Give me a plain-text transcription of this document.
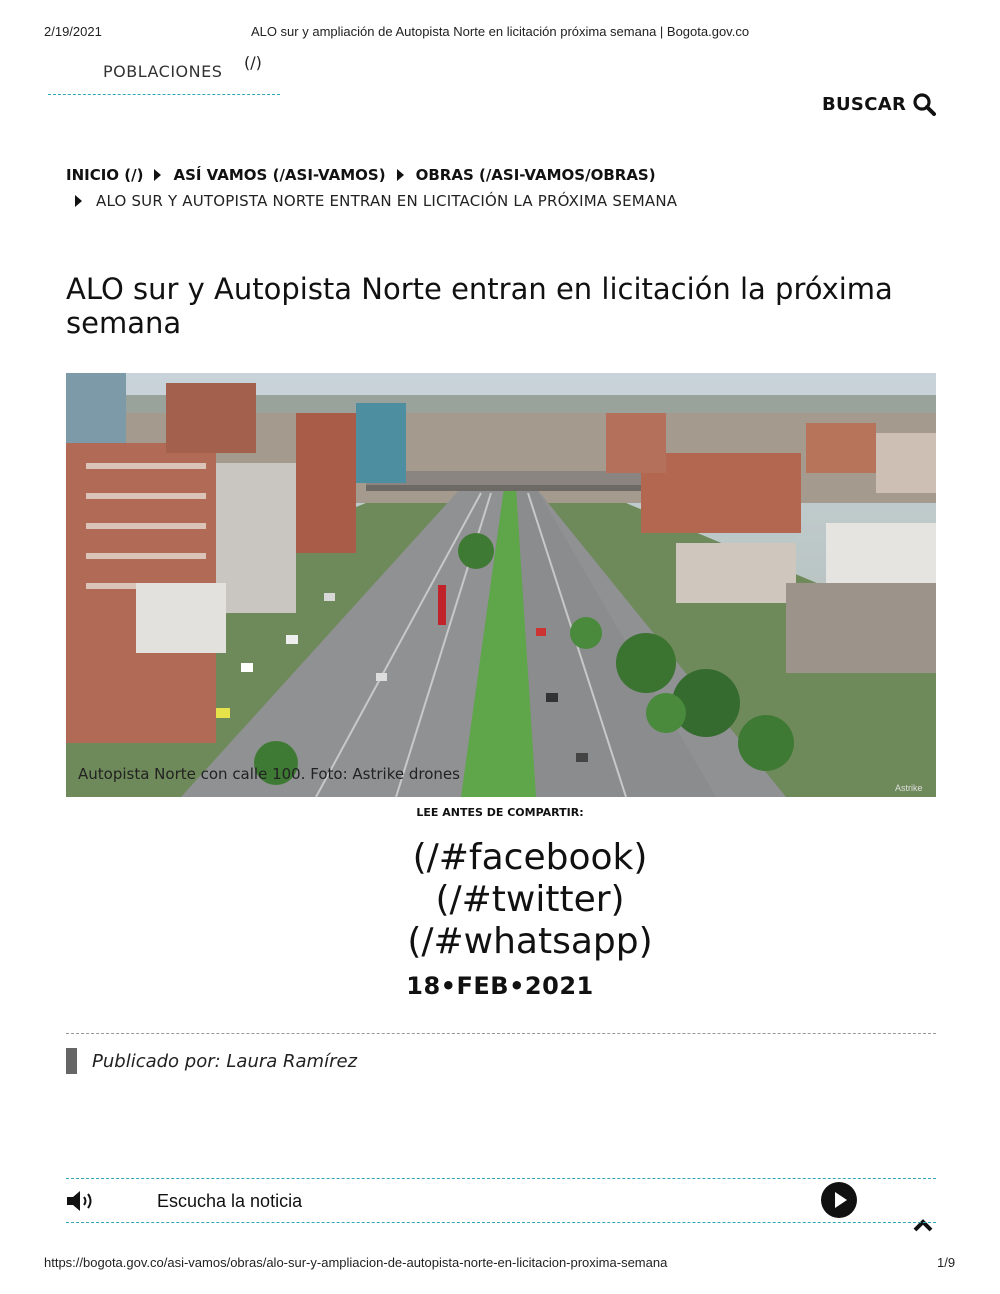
2/19/2021	ALO sur y ampliación de Autopista Norte en licitación próxima semana | Bogota.gov.co
POBLACIONES (/)
BUSCAR
INICIO (/) ASÍ VAMOS (/ASI-VAMOS) OBRAS (/ASI-VAMOS/OBRAS)
ALO SUR Y AUTOPISTA NORTE ENTRAN EN LICITACIÓN LA PRÓXIMA SEMANA
ALO sur y Autopista Norte entran en licitación la próxima semana
Autopista Norte con calle 100. Foto: Astrike drones
Astrike
LEE ANTES DE COMPARTIR:
(/#facebook)
(/#twitter)
(/#whatsapp)
18•FEB•2021
Publicado por: Laura Ramírez
Escucha la noticia
https://bogota.gov.co/asi-vamos/obras/alo-sur-y-ampliacion-de-autopista-norte-en-licitacion-proxima-semana	1/9
